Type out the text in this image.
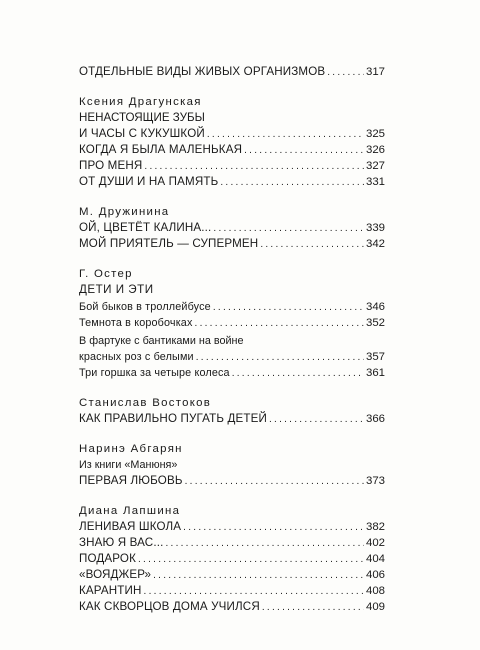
ОТДЕЛЬНЫЕ ВИДЫ ЖИВЫХ ОРГАНИЗМОВ . . .	317
Ксения Драгунская
НЕНАСТОЯЩИЕ ЗУБЫ
И ЧАСЫ С КУКУШКОЙ . . .	325
КОГДА Я БЫЛА МАЛЕНЬКАЯ . . .	326
ПРО МЕНЯ . . .	327
ОТ ДУШИ И НА ПАМЯТЬ . . .	331
М. Дружинина
ОЙ, ЦВЕТЁТ КАЛИНА... . . .	339
МОЙ ПРИЯТЕЛЬ — СУПЕРМЕН . . .	342
Г. Остер
ДЕТИ И ЭТИ
Бой быков в троллейбусе . . .	346
Темнота в коробочках . . .	352
В фартуке с бантиками на войне
красных роз с белыми . . .	357
Три горшка за четыре колеса . . .	361
Станислав Востоков
КАК ПРАВИЛЬНО ПУГАТЬ ДЕТЕЙ . . .	366
Наринэ Абгарян
Из книги «Манюня»
ПЕРВАЯ ЛЮБОВЬ . . .	373
Диана Лапшина
ЛЕНИВАЯ ШКОЛА . . .	382
ЗНАЮ Я ВАС... . . .	402
ПОДАРОК . . .	404
«ВОЯДЖЕР» . . .	406
КАРАНТИН . . .	408
КАК СКВОРЦОВ ДОМА УЧИЛСЯ . . .	409
